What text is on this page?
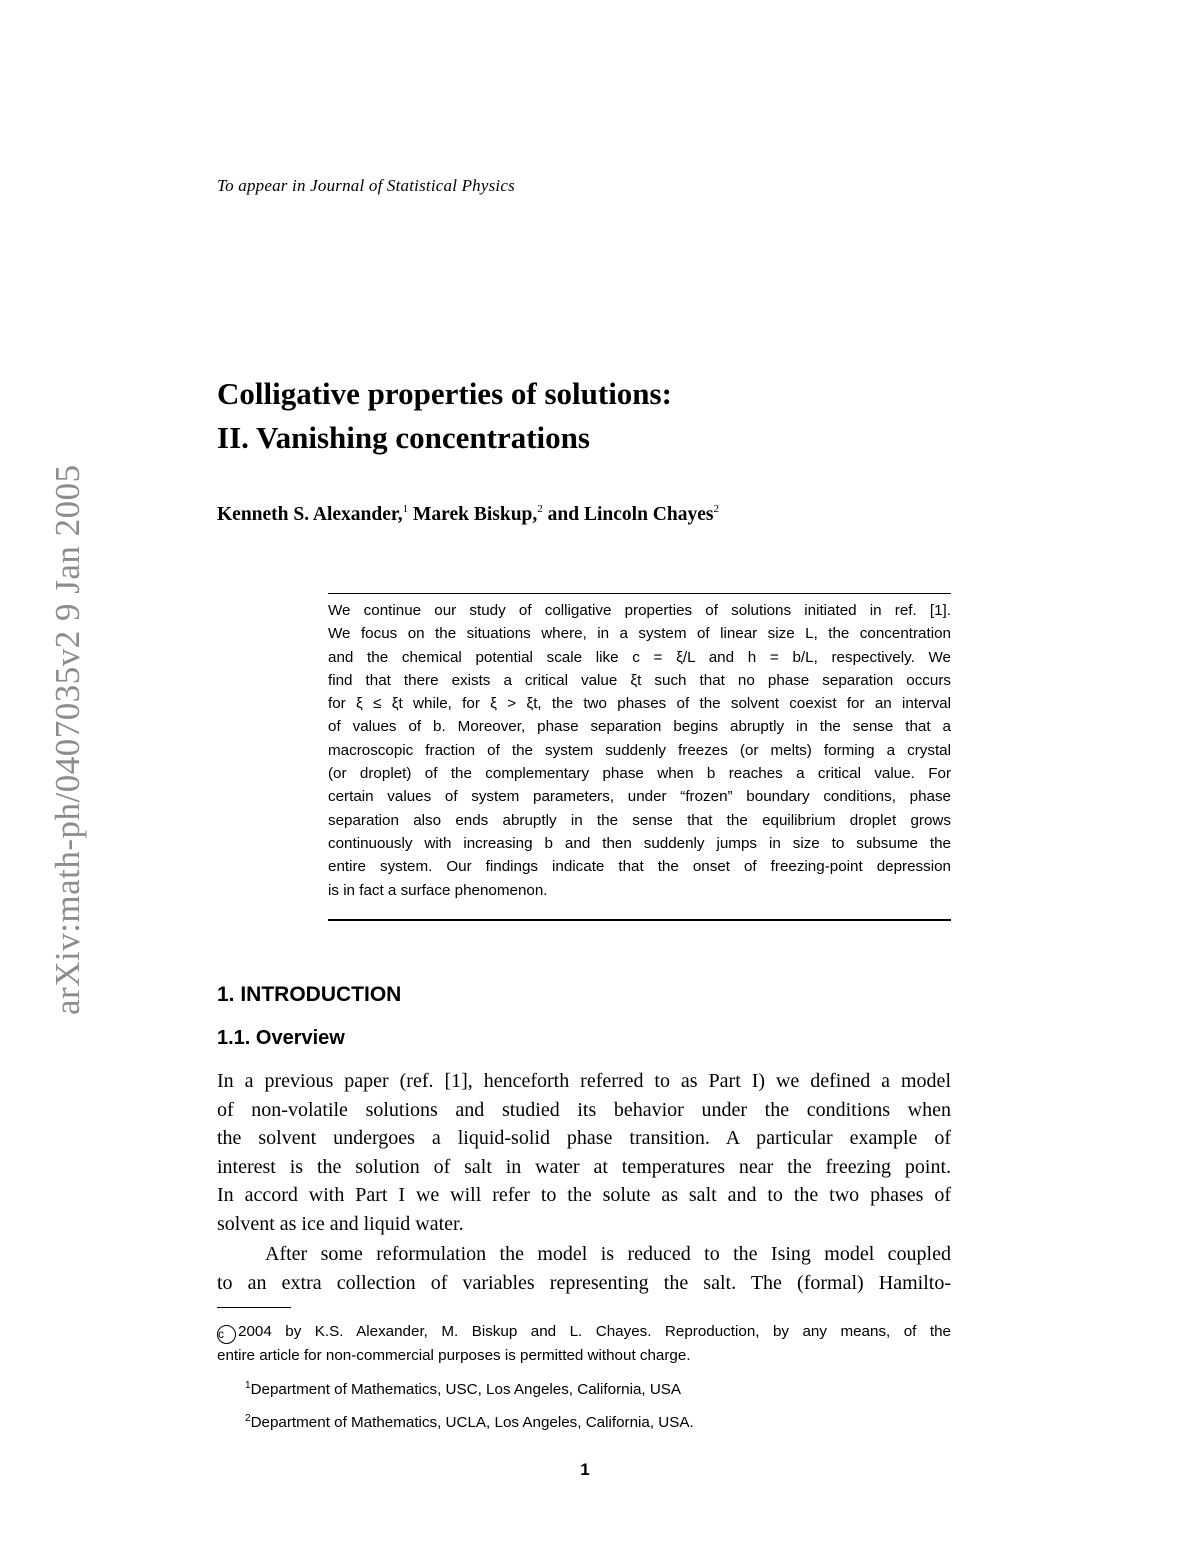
To appear in Journal of Statistical Physics
arXiv:math-ph/0407035v2 9 Jan 2005
Colligative properties of solutions:
II. Vanishing concentrations
Kenneth S. Alexander,$^1$ Marek Biskup,$^2$ and Lincoln Chayes$^2$
We continue our study of colligative properties of solutions initiated in ref. [1].
We focus on the situations where, in a system of linear size L, the concentration
and the chemical potential scale like c = ξ/L and h = b/L, respectively. We
find that there exists a critical value ξt such that no phase separation occurs
for ξ ≤ ξt while, for ξ > ξt, the two phases of the solvent coexist for an interval
of values of b. Moreover, phase separation begins abruptly in the sense that a
macroscopic fraction of the system suddenly freezes (or melts) forming a crystal
(or droplet) of the complementary phase when b reaches a critical value. For
certain values of system parameters, under “frozen” boundary conditions, phase
separation also ends abruptly in the sense that the equilibrium droplet grows
continuously with increasing b and then suddenly jumps in size to subsume the
entire system. Our findings indicate that the onset of freezing-point depression
is in fact a surface phenomenon.
1. INTRODUCTION
1.1. Overview
In a previous paper (ref. [1], henceforth referred to as Part I) we defined a model
of non-volatile solutions and studied its behavior under the conditions when
the solvent undergoes a liquid-solid phase transition. A particular example of
interest is the solution of salt in water at temperatures near the freezing point.
In accord with Part I we will refer to the solute as salt and to the two phases of
solvent as ice and liquid water.
After some reformulation the model is reduced to the Ising model coupled
to an extra collection of variables representing the salt. The (formal) Hamilto-
c 2004 by K.S. Alexander, M. Biskup and L. Chayes. Reproduction, by any means, of the
entire article for non-commercial purposes is permitted without charge.
$^1$Department of Mathematics, USC, Los Angeles, California, USA
$^2$Department of Mathematics, UCLA, Los Angeles, California, USA.
1
